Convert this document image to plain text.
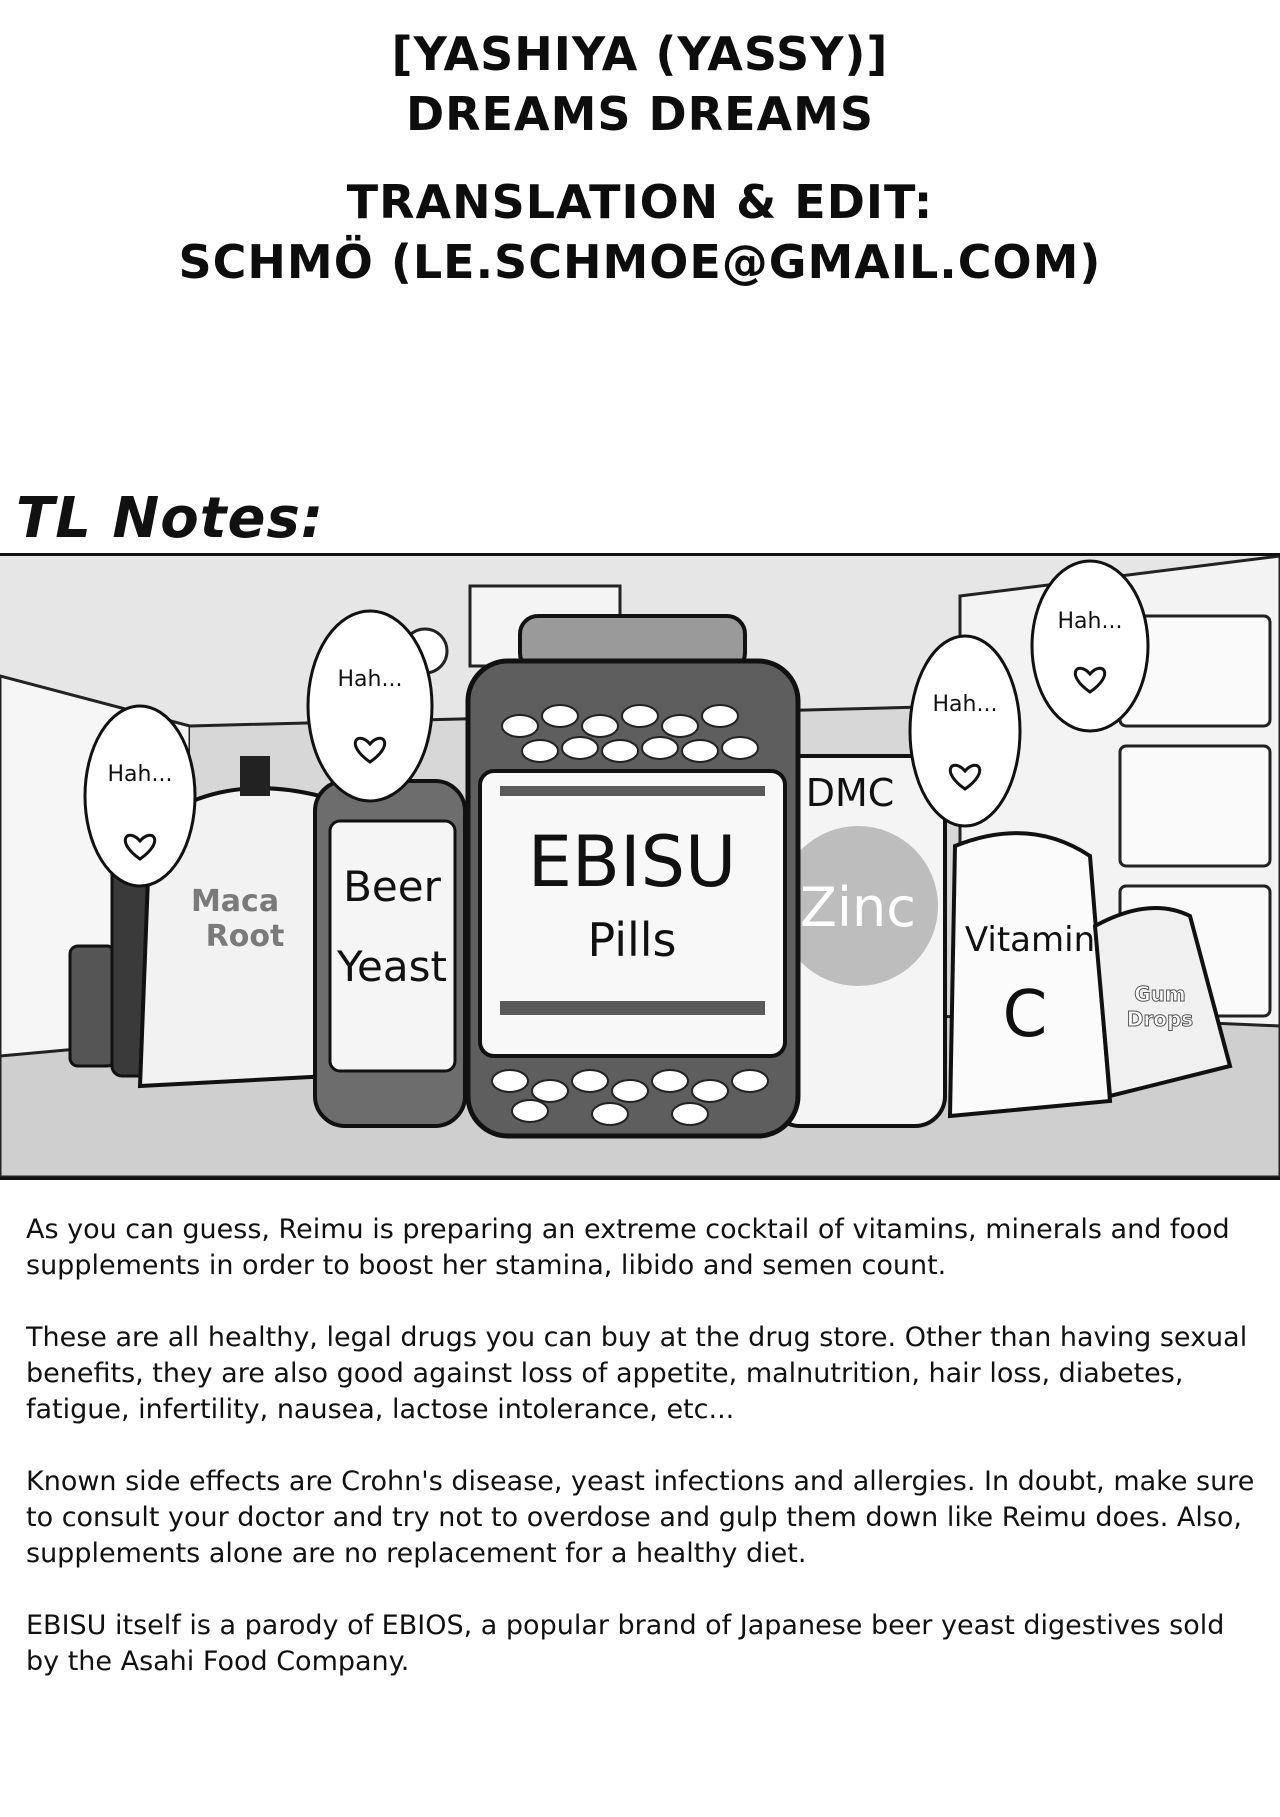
[YASHIYA (YASSY)]
DREAMS DREAMS
TRANSLATION & EDIT:
SCHMÖ (LE.SCHMOE@GMAIL.COM)
TL Notes:
Maca
Root
Beer
Yeast
DMC
Zinc
Vitamin
C	Gum
Drops
EBISU
Pills
Hah...
Hah...
Hah...
Hah...

As you can guess, Reimu is preparing an extreme cocktail of vitamins, minerals and food supplements in order to boost her stamina, libido and semen count.

These are all healthy, legal drugs you can buy at the drug store. Other than having sexual benefits, they are also good against loss of appetite, malnutrition, hair loss, diabetes, fatigue, infertility, nausea, lactose intolerance, etc...

Known side effects are Crohn's disease, yeast infections and allergies. In doubt, make sure to consult your doctor and try not to overdose and gulp them down like Reimu does. Also, supplements alone are no replacement for a healthy diet.

EBISU itself is a parody of EBIOS, a popular brand of Japanese beer yeast digestives sold by the Asahi Food Company.
